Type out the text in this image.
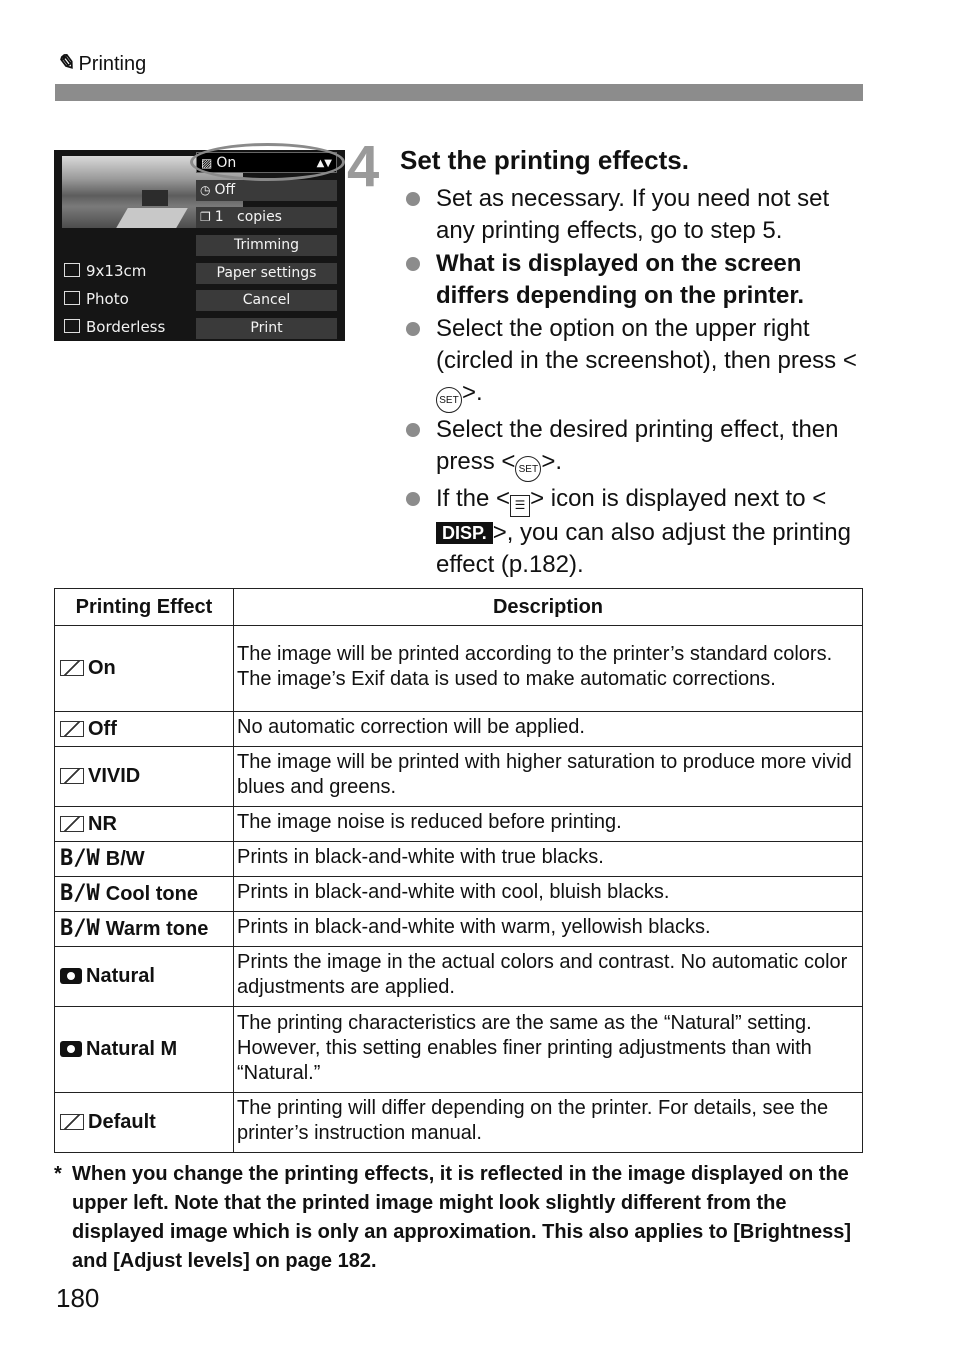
✎ Printing
9x13cm
Photo
Borderless
▨ On	▲▼
◷ Off
❐ 1   copies
Trimming
Paper settings
Cancel
Print
4 Set the printing effects.
Set as necessary. If you need not set any printing effects, go to step 5.
What is displayed on the screen differs depending on the printer.
Select the option on the upper right (circled in the screenshot), then press <SET >.
Select the desired printing effect, then press < SET >.
If the < ☰ > icon is displayed next to <DISP. >, you can also adjust the printing effect (p.182).
Printing Effect	Description
On	The image will be printed according to the printer’s standard colors. The image’s Exif data is used to make automatic corrections.
Off	No automatic correction will be applied.
VIVID	The image will be printed with higher saturation to produce more vivid blues and greens.
NR	The image noise is reduced before printing.
B/W B/W	Prints in black-and-white with true blacks.
B/W Cool tone	Prints in black-and-white with cool, bluish blacks.
B/W Warm tone	Prints in black-and-white with warm, yellowish blacks.
Natural	Prints the image in the actual colors and contrast. No automatic color adjustments are applied.
Natural M	The printing characteristics are the same as the “Natural” setting. However, this setting enables finer printing adjustments than with “Natural.”
Default	The printing will differ depending on the printer. For details, see the printer’s instruction manual.
* When you change the printing effects, it is reflected in the image displayed on the upper left. Note that the printed image might look slightly different from the displayed image which is only an approximation. This also applies to [Brightness] and [Adjust levels] on page 182.
180
